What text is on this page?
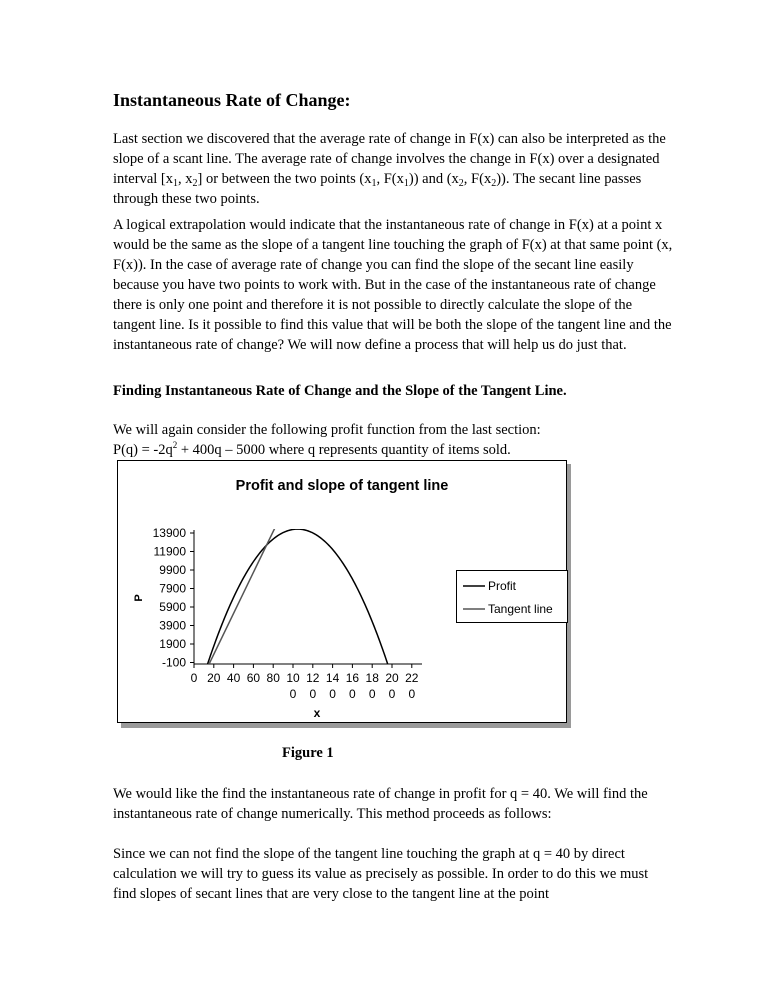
Instantaneous Rate of Change:

Last section we discovered that the average rate of change in F(x) can also be interpreted as the slope of a scant line. The average rate of change involves the change in F(x) over a designated interval [$x_1$, $x_2$] or between the two points ($x_1$, $F(x_1)$) and ($x_2$, $F(x_2)$). The secant line passes through these two points.

A logical extrapolation would indicate that the instantaneous rate of change in F(x) at a point x would be the same as the slope of a tangent line touching the graph of F(x) at that same point (x, F(x)). In the case of average rate of change you can find the slope of the secant line easily because you have two points to work with. But in the case of the instantaneous rate of change there is only one point and therefore it is not possible to directly calculate the slope of the tangent line. Is it possible to find this value that will be both the slope of the tangent line and the instantaneous rate of change? We will now define a process that will help us do just that.

Finding Instantaneous Rate of Change and the Slope of the Tangent Line.

We will again consider the following profit function from the last section:
$P(q) = -2q^2 + 400q - 5000$ where q represents quantity of items sold.

Profit and slope of tangent line
P
x
13900
11900
9900
7900
5900
3900
1900
-100
0 20 40 60 80 10
0
12
0
14
0
16
0
18
0
20
0
22
0
Profit
Tangent line

Figure 1

We would like the find the instantaneous rate of change in profit for q = 40. We will find the instantaneous rate of change numerically. This method proceeds as follows:

Since we can not find the slope of the tangent line touching the graph at q = 40 by direct calculation we will try to guess its value as precisely as possible. In order to do this we must find slopes of secant lines that are very close to the tangent line at the point
